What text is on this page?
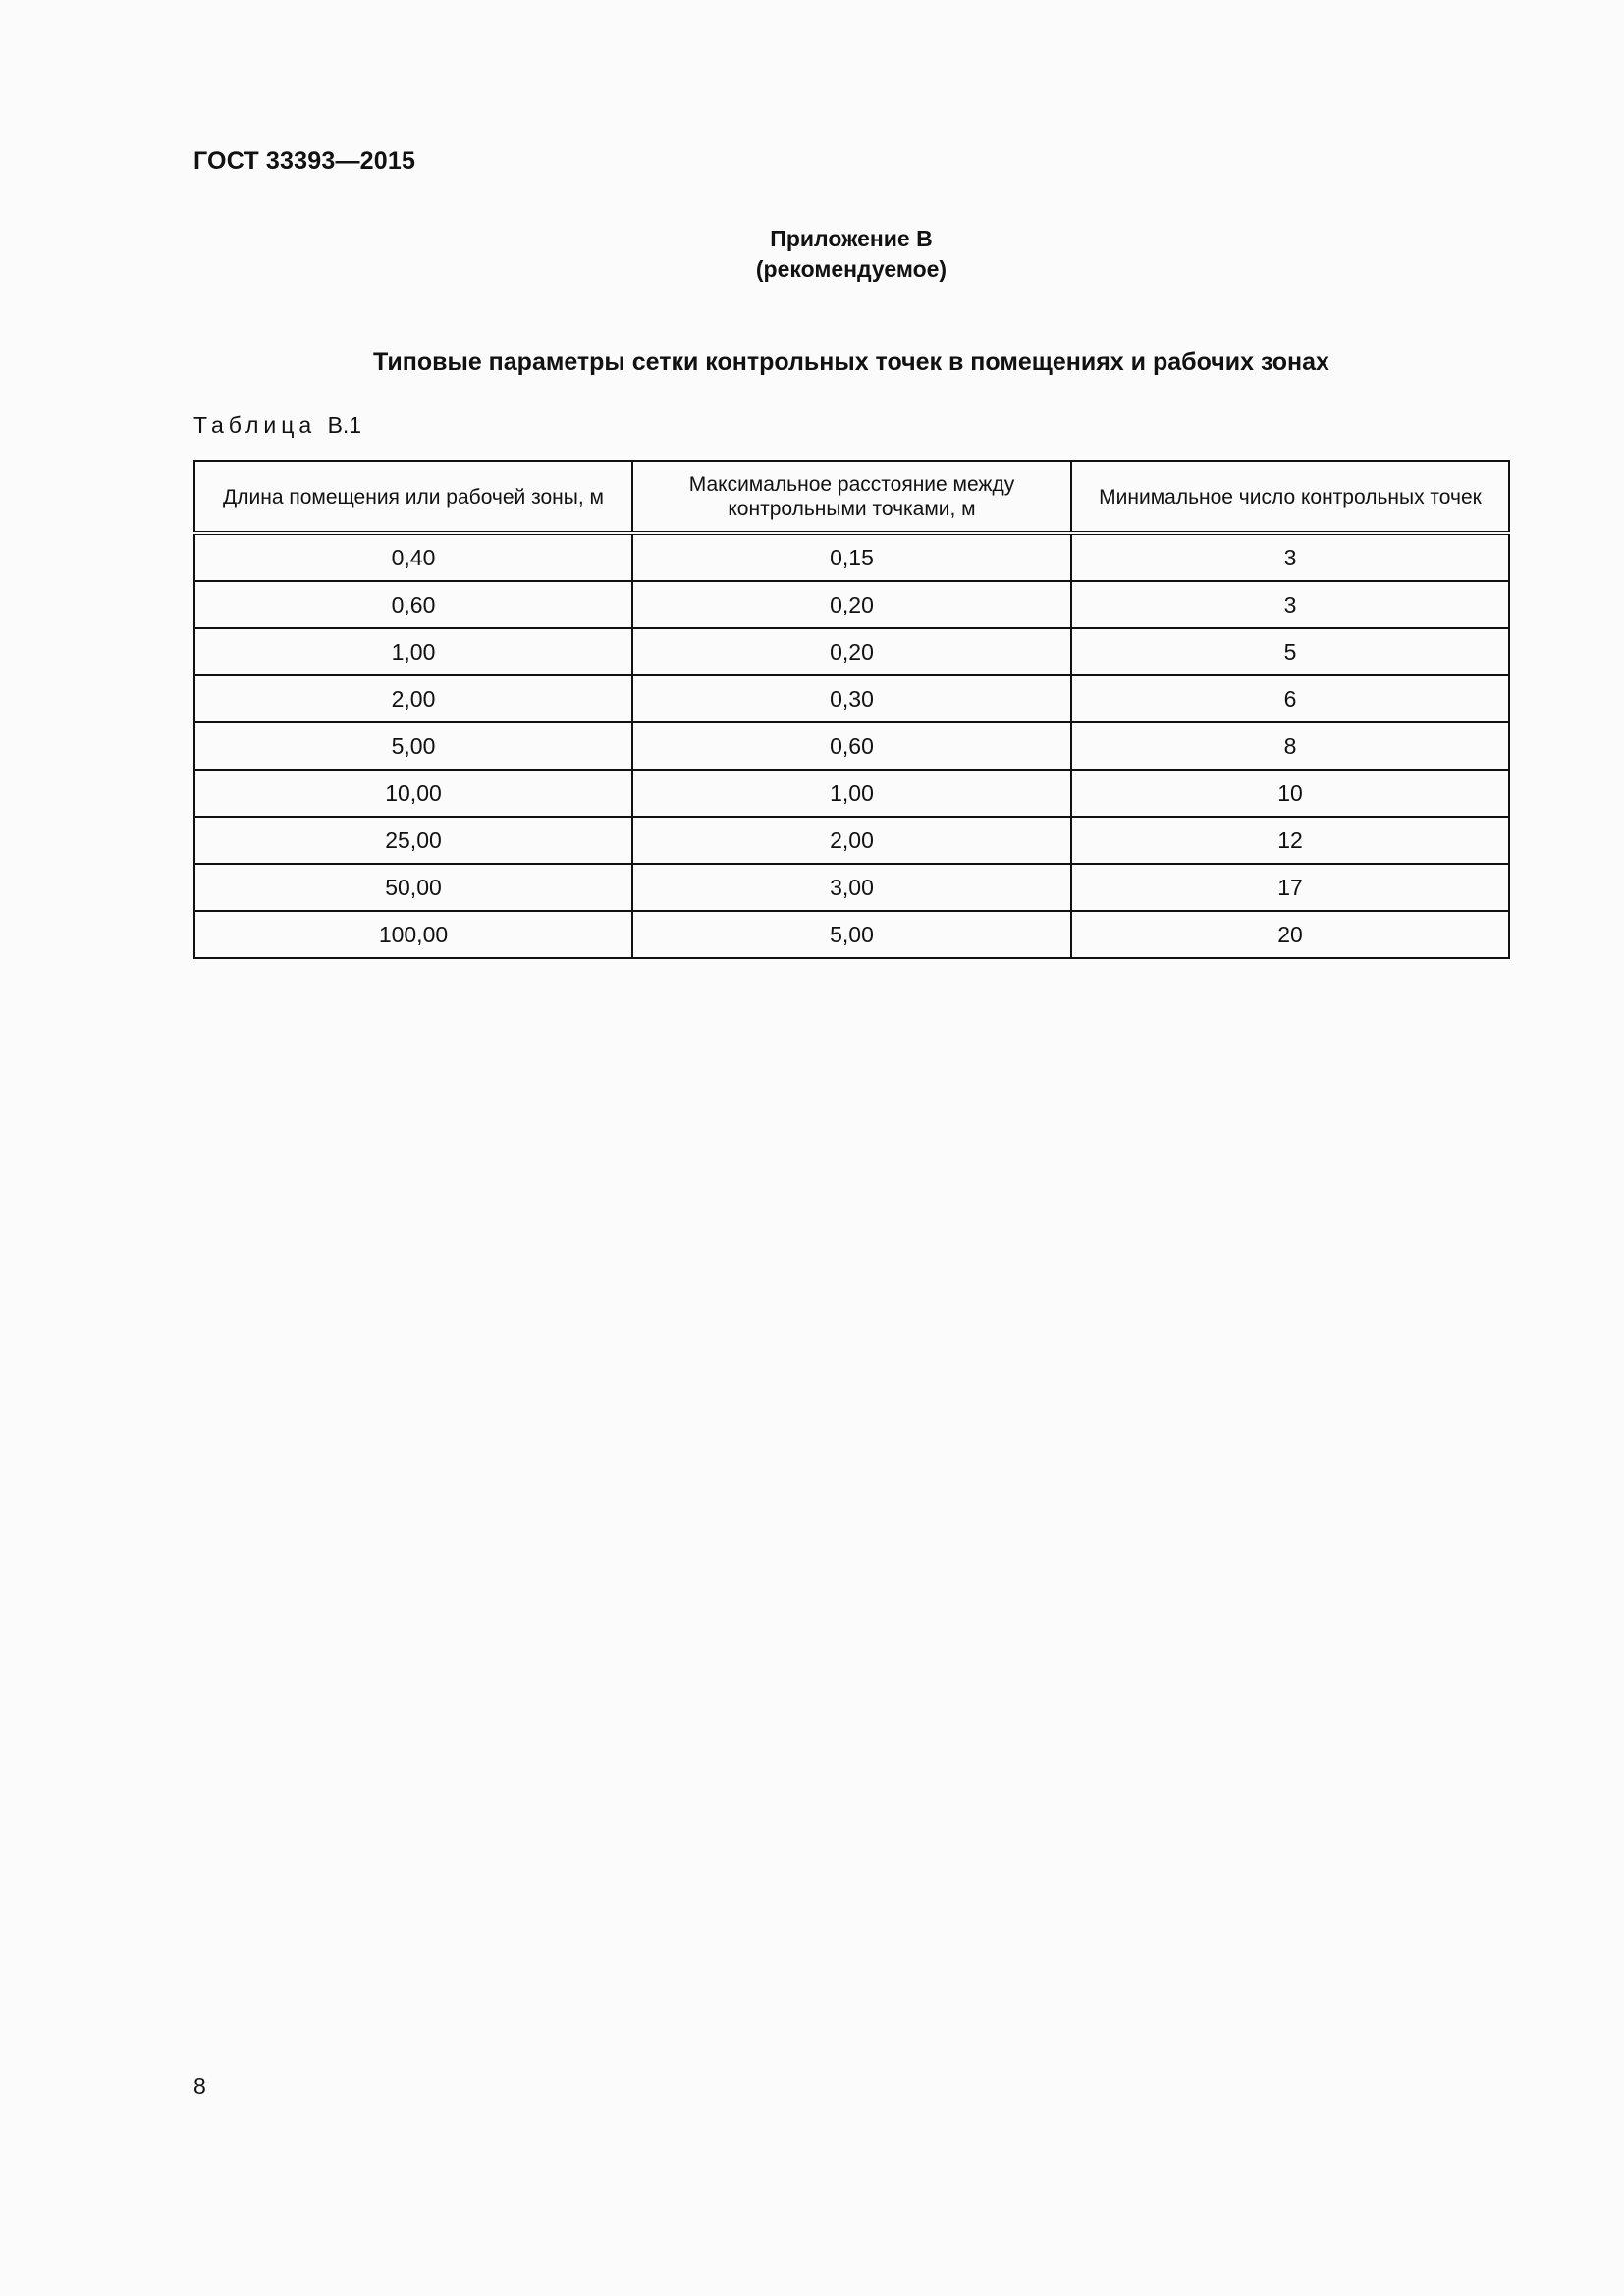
ГОСТ 33393—2015
Приложение В
(рекомендуемое)
Типовые параметры сетки контрольных точек в помещениях и рабочих зонах
Таблица В.1
Длина помещения или рабочей зоны, м	Максимальное расстояние между контрольными точками, м	Минимальное число контрольных точек
0,40	0,15	3
0,60	0,20	3
1,00	0,20	5
2,00	0,30	6
5,00	0,60	8
10,00	1,00	10
25,00	2,00	12
50,00	3,00	17
100,00	5,00	20
8
